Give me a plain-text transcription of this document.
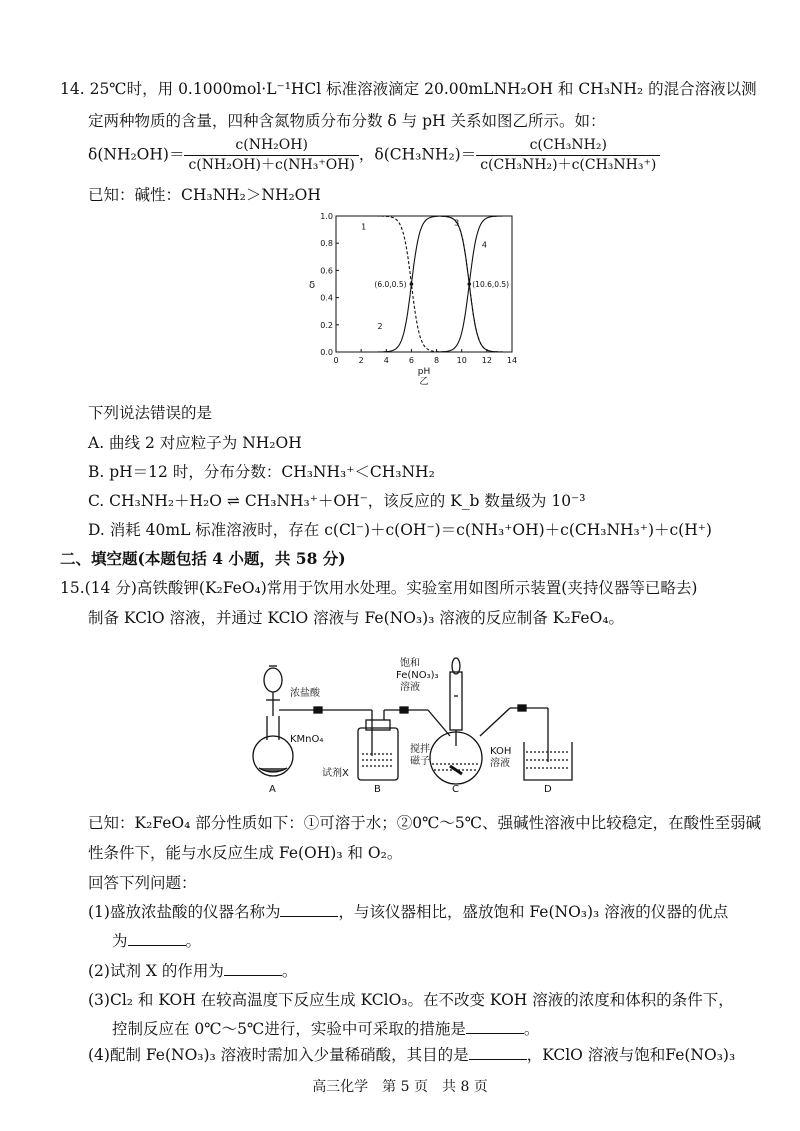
14. 25℃时，用 0.1000mol·L⁻¹HCl 标准溶液滴定 20.00mLNH₂OH 和 CH₃NH₂ 的混合溶液以测
定两种物质的含量，四种含氮物质分布分数 δ 与 pH 关系如图乙所示。如：
$\delta(NH_2OH)= \frac{\text{c(NH₂OH)}}{\text{c(NH₂OH)＋c(NH₃⁺OH)}}$ ，$\delta(CH_3NH_2)= \frac{\text{c(CH₃NH₂)}}{\text{c(CH₃NH₂)＋c(CH₃NH₃⁺)}}$
已知：碱性：CH₃NH₂＞NH₂OH
0	2	4	6	8 10 12 14
0.0
0.2
0.4
0.6
0.8
1.0
δ
pH
乙
1
2
3
4
(6.0,0.5)	(10.6,0.5)
下列说法错误的是
A. 曲线 2 对应粒子为 NH₂OH
B. pH＝12 时，分布分数：CH₃NH₃⁺＜CH₃NH₂
C. CH₃NH₂＋H₂O ⇌ CH₃NH₃⁺＋OH⁻，该反应的 K_b 数量级为 10⁻³
D. 消耗 40mL 标准溶液时，存在 c(Cl⁻)＋c(OH⁻)＝c(NH₃⁺OH)＋c(CH₃NH₃⁺)＋c(H⁺)
二、填空题(本题包括 4 小题，共 58 分)
15.(14 分)高铁酸钾(K₂FeO₄)常用于饮用水处理。实验室用如图所示装置(夹持仪器等已略去)
制备 KClO 溶液，并通过 KClO 溶液与 Fe(NO₃)₃ 溶液的反应制备 K₂FeO₄。
浓盐酸
KMnO₄
试剂X
饱和
Fe(NO₃)₃
溶液
搅拌
磁子
KOH
溶液
A	B	C	D
已知：K₂FeO₄ 部分性质如下：①可溶于水；②0℃～5℃、强碱性溶液中比较稳定，在酸性至弱碱
性条件下，能与水反应生成 Fe(OH)₃ 和 O₂。
回答下列问题：
(1)盛放浓盐酸的仪器名称为	，与该仪器相比，盛放饱和 Fe(NO₃)₃ 溶液的仪器的优点
为	。
(2)试剂 X 的作用为	。
(3)Cl₂ 和 KOH 在较高温度下反应生成 KClO₃。在不改变 KOH 溶液的浓度和体积的条件下，
控制反应在 0℃～5℃进行，实验中可采取的措施是	。
(4)配制 Fe(NO₃)₃ 溶液时需加入少量稀硝酸，其目的是	，KClO 溶液与饱和Fe(NO₃)₃
高三化学　第 5 页　共 8 页
